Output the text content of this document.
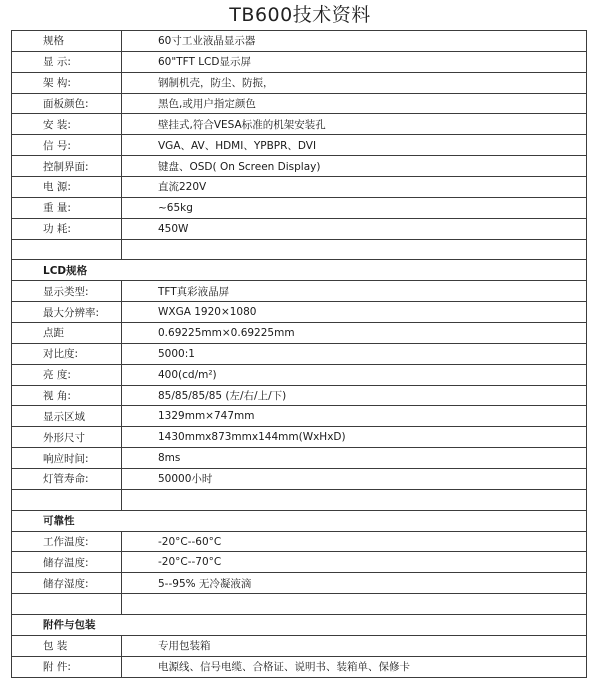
TB600技术资料
规格	60寸工业液晶显示器
显 示:	60"TFT LCD显示屏
架 构:	钢制机壳，防尘、防振，
面板颜色:	黑色,或用户指定颜色
安 装:	壁挂式,符合VESA标准的机架安装孔
信 号:	VGA、AV、HDMI、YPBPR、DVI
控制界面:	键盘、OSD( On Screen Display)
电 源:	直流220V
重 量:	~65kg
功 耗:	450W

LCD规格	
显示类型:	TFT真彩液晶屏
最大分辨率:	WXGA 1920×1080
点距	0.69225mm×0.69225mm
对比度:	5000:1
亮 度:	400(cd/m²)
视 角:	85/85/85/85 (左/右/上/下)
显示区域	1329mm×747mm
外形尺寸	1430mmx873mmx144mm(WxHxD)
响应时间:	8ms
灯管寿命:	50000小时

可靠性	
工作温度:	-20°C--60°C
储存温度:	-20°C--70°C
储存湿度:	5--95% 无冷凝液滴

附件与包装	
包 装	专用包装箱
附 件:	电源线、信号电缆、合格证、说明书、装箱单、保修卡
